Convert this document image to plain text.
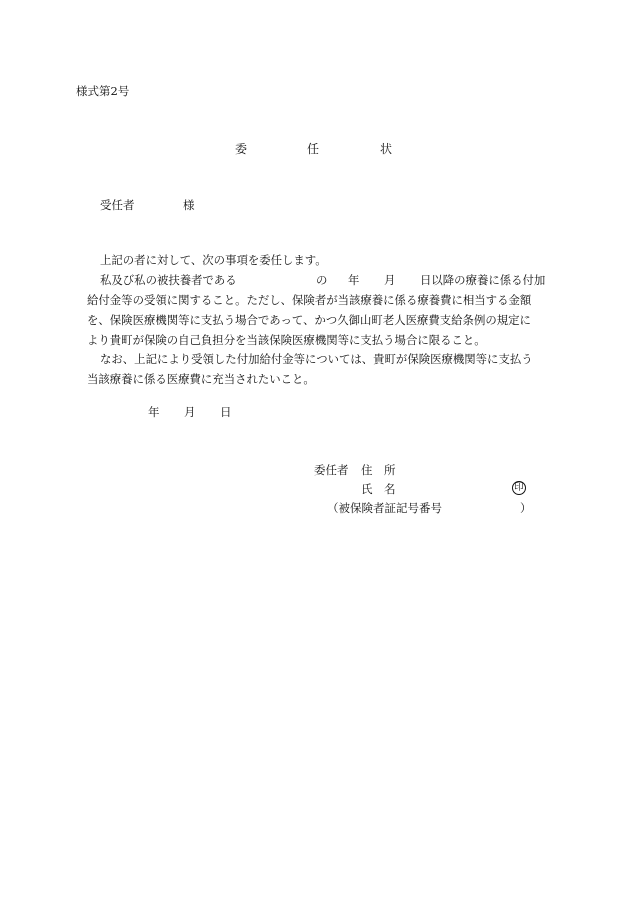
様式第2号
委	任	状
受任者	様
上記の者に対して、次の事項を委任します。
私及び私の被扶養者である	の 年 月 日以降の療養に係る付加
給付金等の受領に関すること。ただし、保険者が当該療養に係る療養費に相当する金額
を、保険医療機関等に支払う場合であって、かつ久御山町老人医療費支給条例の規定に
より貴町が保険の自己負担分を当該保険医療機関等に支払う場合に限ること。
なお、上記により受領した付加給付金等については、貴町が保険医療機関等に支払う
当該療養に係る医療費に充当されたいこと。
年 月 日
委任者 住　所
氏　名	印
（被保険者証記号番号	）
